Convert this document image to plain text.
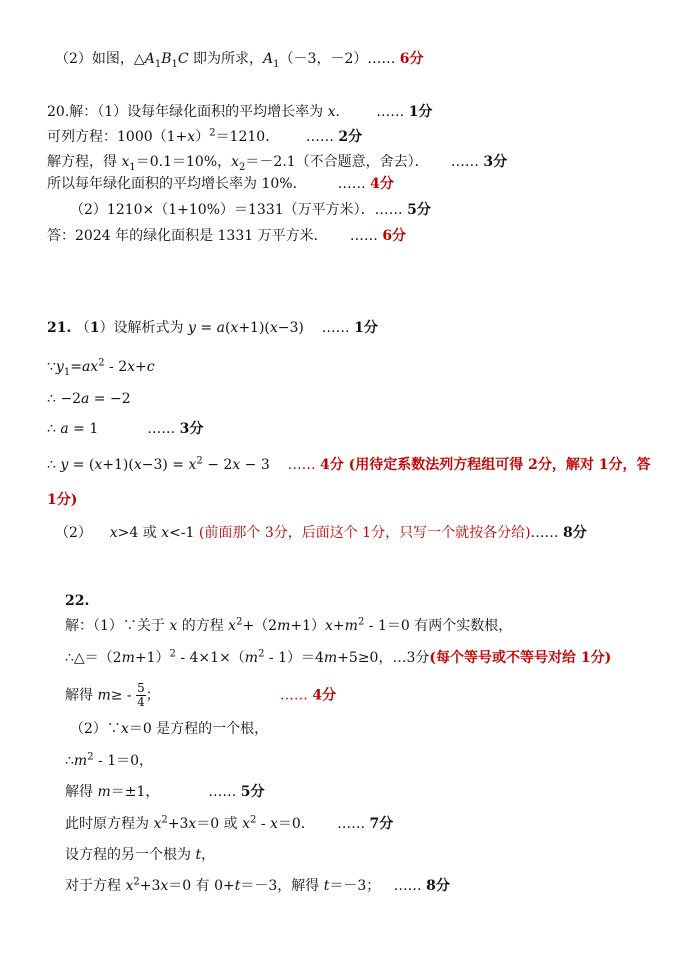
（2）如图，$\triangle A_1B_1C$ 即为所求，$A_1(-3$，－2）…… 6分
20.解：（1）设每年绿化面积的平均增长率为 x．      …… 1分
可列方程：$1000(1+x)^2=1210$．      …… 2分
解方程，得 $x_1=0.1=10\%$，$x_2=-2.1$（不合题意，舍去）．     …… 3分
所以每年绿化面积的平均增长率为 10%．       …… 4分
（2）1210×（1+10%）＝1331（万平方米）．…… 5分
答：2024 年的绿化面积是 1331 万平方米．     …… 6分
21. （1）设解析式为 y = a(x+1)(x−3)    …… 1分
$\because y_1=ax^2 - 2x+c$
∴ −2a = −2
∴ a = 1           …… 3分
∴ $y = (x+1)(x-3) = x^2 - 2x - 3$    …… 4分 (用待定系数法列方程组可得 2分，解对 1分，答
1分)
（2）    x>4 或 x<-1 (前面那个 3分，后面这个 1分，只写一个就按各分给)…… 8分
22.
解：（1）∵关于 x 的方程 $x^2+(2m+1)x+m^2 - 1=0$ 有两个实数根，
$\therefore\triangle=(2m+1)^2 - 4\times 1\times(m^2 - 1)=4m+5\ge 0$，…3分(每个等号或不等号对给 1分)
解得 $m\ge - \frac{5}{4}$ ；                           …… 4分
（2）∵x＝0 是方程的一个根，
$\therefore m^2 - 1=0$，
解得 m＝±1，           …… 5分
此时原方程为 $x^2+3x=0$ 或 $x^2 - x=0$．     …… 7分
设方程的另一个根为 t，
对于方程 $x^2+3x=0$ 有 0+t＝－3，解得 t＝－3；   …… 8分
